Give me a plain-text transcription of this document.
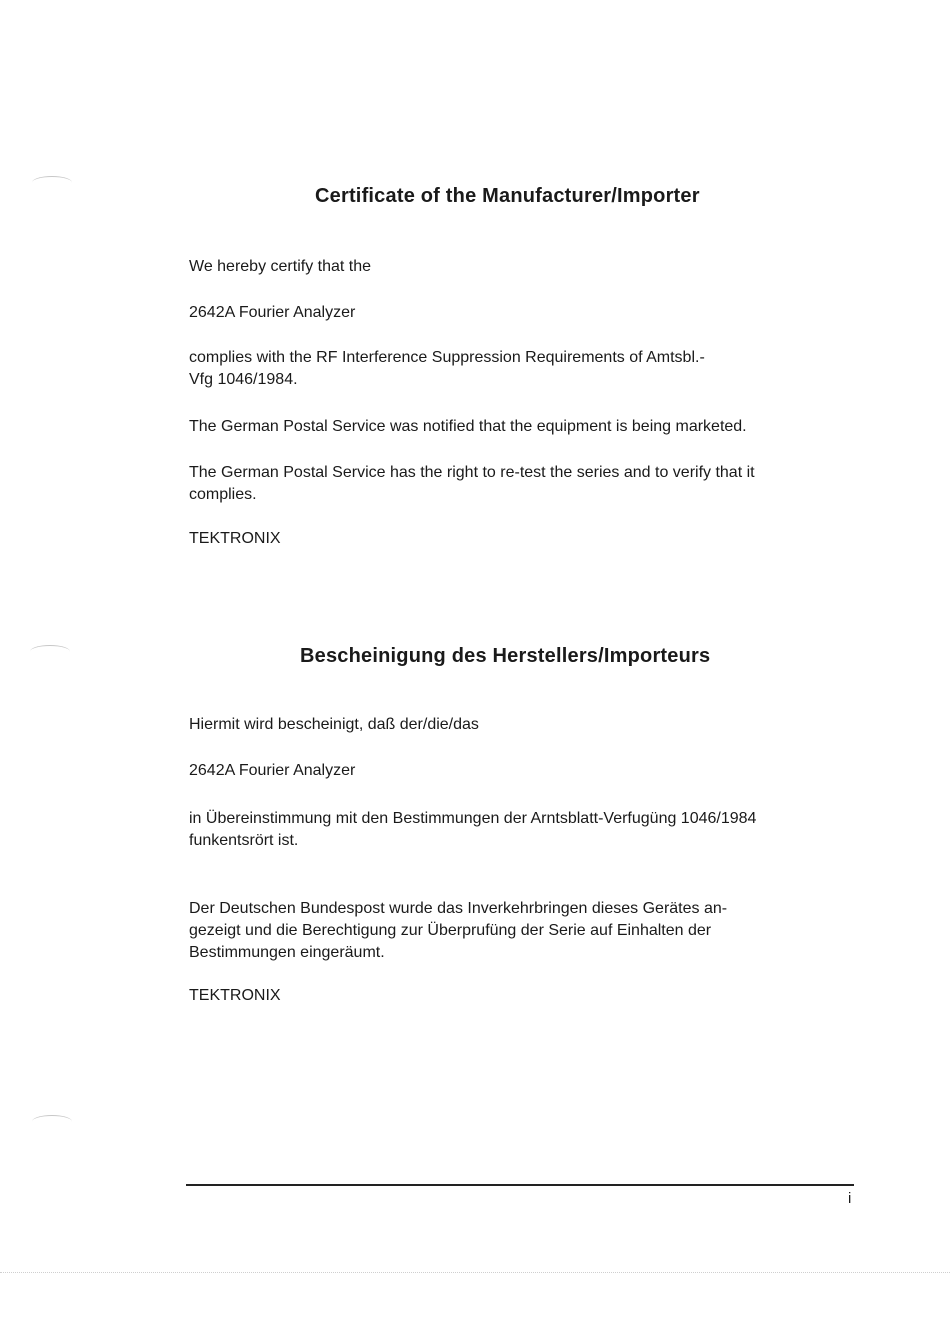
Certificate of the Manufacturer/Importer

We hereby certify that the

2642A Fourier Analyzer

complies with the RF Interference Suppression Requirements of Amtsbl.-
Vfg 1046/1984.

The German Postal Service was notified that the equipment is being marketed.

The German Postal Service has the right to re-test the series and to verify that it
complies.

TEKTRONIX

Bescheinigung des Herstellers/Importeurs

Hiermit wird bescheinigt, daß der/die/das

2642A Fourier Analyzer

in Übereinstimmung mit den Bestimmungen der Arntsblatt-Verfugüng 1046/1984
funkentsrört ist.

Der Deutschen Bundespost wurde das Inverkehrbringen dieses Gerätes an-
gezeigt und die Berechtigung zur Überprufüng der Serie auf Einhalten der
Bestimmungen eingeräumt.

TEKTRONIX

i
